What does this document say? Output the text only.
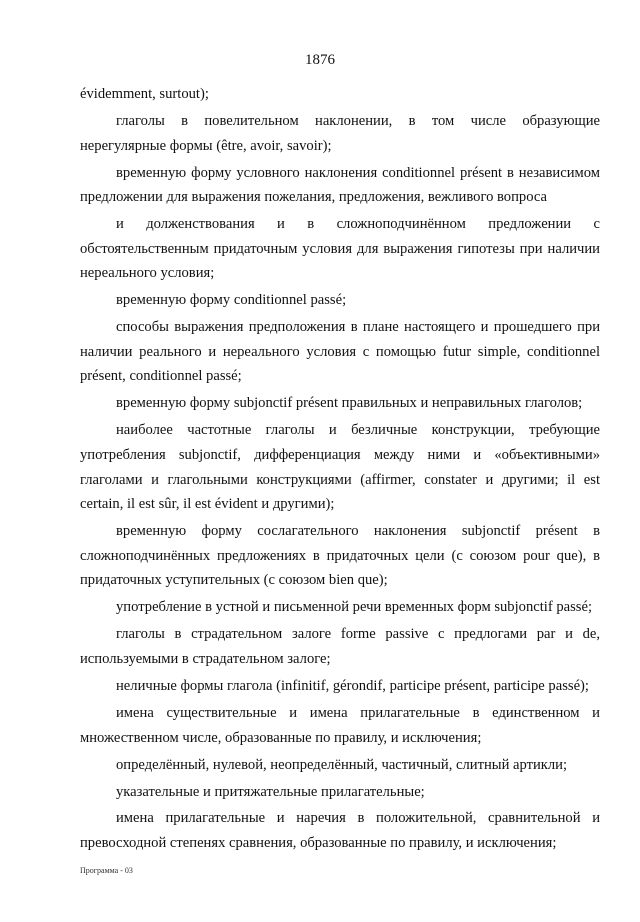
1876

évidemment, surtout);

глаголы в повелительном наклонении, в том числе образующие нерегулярные формы (être, avoir, savoir);

временную форму условного наклонения conditionnel présent в независимом предложении для выражения пожелания, предложения, вежливого вопроса

и долженствования и в сложноподчинённом предложении с обстоятельственным придаточным условия для выражения гипотезы при наличии нереального условия;

временную форму conditionnel passé;

способы выражения предположения в плане настоящего и прошедшего при наличии реального и нереального условия с помощью futur simple, conditionnel présent, conditionnel passé;

временную форму subjonctif présent правильных и неправильных глаголов;

наиболее частотные глаголы и безличные конструкции, требующие употребления subjonctif, дифференциация между ними и «объективными» глаголами и глагольными конструкциями (affirmer, constater и другими; il est certain, il est sûr, il est évident и другими);

временную форму сослагательного наклонения subjonctif présent в сложноподчинённых предложениях в придаточных цели (с союзом pour que), в придаточных уступительных (с союзом bien que);

употребление в устной и письменной речи временных форм subjonctif passé;

глаголы в страдательном залоге forme passive с предлогами par и de, используемыми в страдательном залоге;

неличные формы глагола (infinitif, gérondif, participe présent, participe passé);

имена существительные и имена прилагательные в единственном и множественном числе, образованные по правилу, и исключения;

определённый, нулевой, неопределённый, частичный, слитный артикли;

указательные и притяжательные прилагательные;

имена прилагательные и наречия в положительной, сравнительной и превосходной степенях сравнения, образованные по правилу, и исключения;

Программа - 03
